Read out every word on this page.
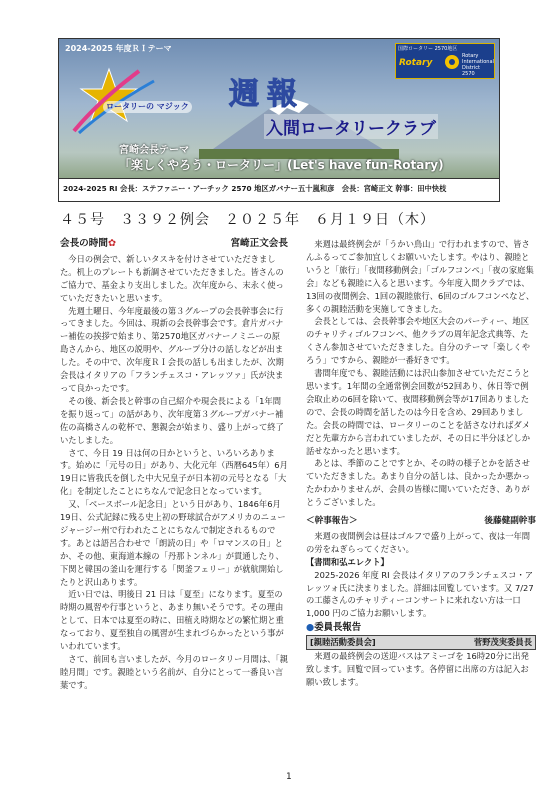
2024-2025 年度ＲＩテーマ
ロータリーの マジック 週報
入間ロータリークラブ
国際ロータリー 2570地区
Rotary
Rotary International District 2570
宮崎会長テーマ
「楽しくやろう・ロータリー」(Let's have fun-Rotary)
2024-2025 RI 会長：ステファニー・アーチック 2570 地区ガバナー五十嵐和彦　会長：宮崎正文 幹事：田中快枝
４５号　３３９２例会　２０２５年　６月１９日（木）
会長の時間✿	宮崎正文会長

今日の例会で、新しいタスキを付けさせていただきました。机上のプレートも新調させていただきました。皆さんのご協力で、基金より支出しました。次年度から、末永く使っていただきたいと思います。

先週土曜日、今年度最後の第３グループの会長幹事会に行ってきました。今回は、現新の会長幹事会です。倉片ガバナー補佐の挨拶で始まり、第2570地区ガバナーノミニーの原島さんから、地区の説明や、グループ分けの話しなどが出ました。その中で、次年度ＲＩ会長の話しも出ましたが、次期会長はイタリアの「フランチェスコ・アレッツァ」氏が決まって良かったです。

その後、新会長と幹事の自己紹介や現会長による「1年間を振り返って」の話があり、次年度第３グループガバナー補佐の高橋さんの乾杯で、懇親会が始まり、盛り上がって終了いたしました。

さて、今日 19 日は何の日かというと、いろいろあります。始めに「元号の日」があり、大化元年（西暦645年）6月19日に皆我氏を倒した中大兄皇子が日本初の元号となる「大化」を制定したことにちなんで記念日となっています。

又、「ベースボール記念日」という日があり、1846年6月19日、公式記録に残る史上初の野球試合がアメリカのニュージャージー州で行われたことにちなんで制定されるものです。あとは語呂合わせで「朗読の日」や「ロマンスの日」とか、その他、東海道本線の「丹那トンネル」が貫通したり、下関と韓国の釜山を運行する「関釜フェリー」が就航開始したりと沢山あります。

近い日では、明後日 21 日は「夏至」になります。夏至の時期の風習や行事というと、あまり無いそうです。その理由として、日本では夏至の時に、田植え時期などの繁忙期と重なっており、夏至独自の風習が生まれづらかったという事がいわれています。

さて、前回も言いましたが、今月のロータリー月間は、「親睦月間」です。親睦という名前が、自分にとって一番良い言葉です。

来週は最終例会が「うかい鳥山」で行われますので、皆さんふるってご参加宜しくお願いいたします。やはり、親睦というと「旅行」「夜間移動例会」「ゴルフコンペ」「夜の家庭集会」なども親睦に入ると思います。今年度入間クラブでは、13回の夜間例会、1回の親睦旅行、6回のゴルフコンペなど、多くの親睦活動を実施してきました。

会長としては、会長幹事会や地区大会のパーティー、地区のチャリティゴルフコンペ、他クラブの周年記念式典等、たくさん参加させていただきました。自分のテーマ「楽しくやろう」ですから、親睦が一番好きです。

書間年度でも、親睦活動には沢山参加させていただこうと思います。1年間の全通常例会回数が52回あり、休日等で例会取止めの6回を除いて、夜間移動例会等が17回ありましたので、会長の時間を話したのは今日を含め、29回ありました。会長の時間では、ロータリーのことを話さなければダメだと先輩方から言われていましたが、その日に半分ほどしか話せなかったと思います。

あとは、季節のことですとか、その時の様子とかを話させていただきました。あまり自分の話しは、良かったか悪かったかわかりませんが、会員の皆様に聞いていただき、ありがとうございました。

＜幹事報告＞	後藤健副幹事

来週の夜間例会は昼はゴルフで盛り上がって、夜は一年間の労をねぎらってください。

【書間和弘エレクト】

2025-2026 年度 RI 会長はイタリアのフランチェスコ・アレッツォ氏に決まりました。詳細は回覧しています。又 7/27 の工藤さんのチャリティーコンサートに来れない方は一口1,000 円のご協力お願いします。

●委員長報告
[親睦活動委員会]	菅野茂実委員長

来週の最終例会の送迎バスはアミーゴを 16時20分に出発致します。回覧で回っています。各停留に出席の方は記入お願い致します。

1
